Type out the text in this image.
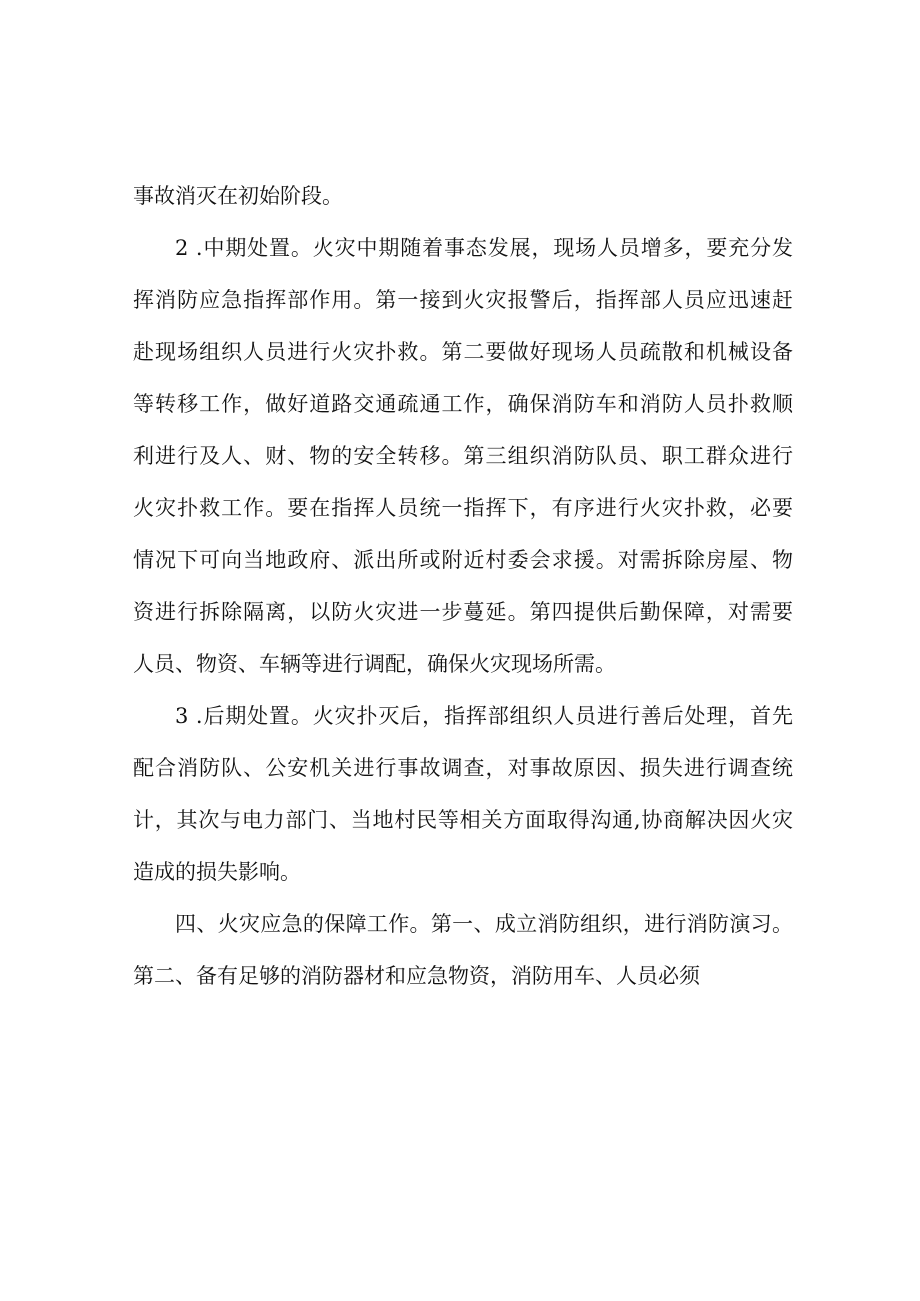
事故消灭在初始阶段。
2 .中期处置。火灾中期随着事态发展，现场人员增多，要充分发
挥消防应急指挥部作用。第一接到火灾报警后，指挥部人员应迅速赶
赴现场组织人员进行火灾扑救。第二要做好现场人员疏散和机械设备
等转移工作，做好道路交通疏通工作，确保消防车和消防人员扑救顺
利进行及人、财、物的安全转移。第三组织消防队员、职工群众进行
火灾扑救工作。要在指挥人员统一指挥下，有序进行火灾扑救，必要
情况下可向当地政府、派出所或附近村委会求援。对需拆除房屋、物
资进行拆除隔离，以防火灾进一步蔓延。第四提供后勤保障，对需要
人员、物资、车辆等进行调配，确保火灾现场所需。
3 .后期处置。火灾扑灭后，指挥部组织人员进行善后处理，首先
配合消防队、公安机关进行事故调查，对事故原因、损失进行调查统
计，其次与电力部门、当地村民等相关方面取得沟通,协商解决因火灾
造成的损失影响。
四、火灾应急的保障工作。第一、成立消防组织，进行消防演习。
第二、备有足够的消防器材和应急物资，消防用车、人员必须
